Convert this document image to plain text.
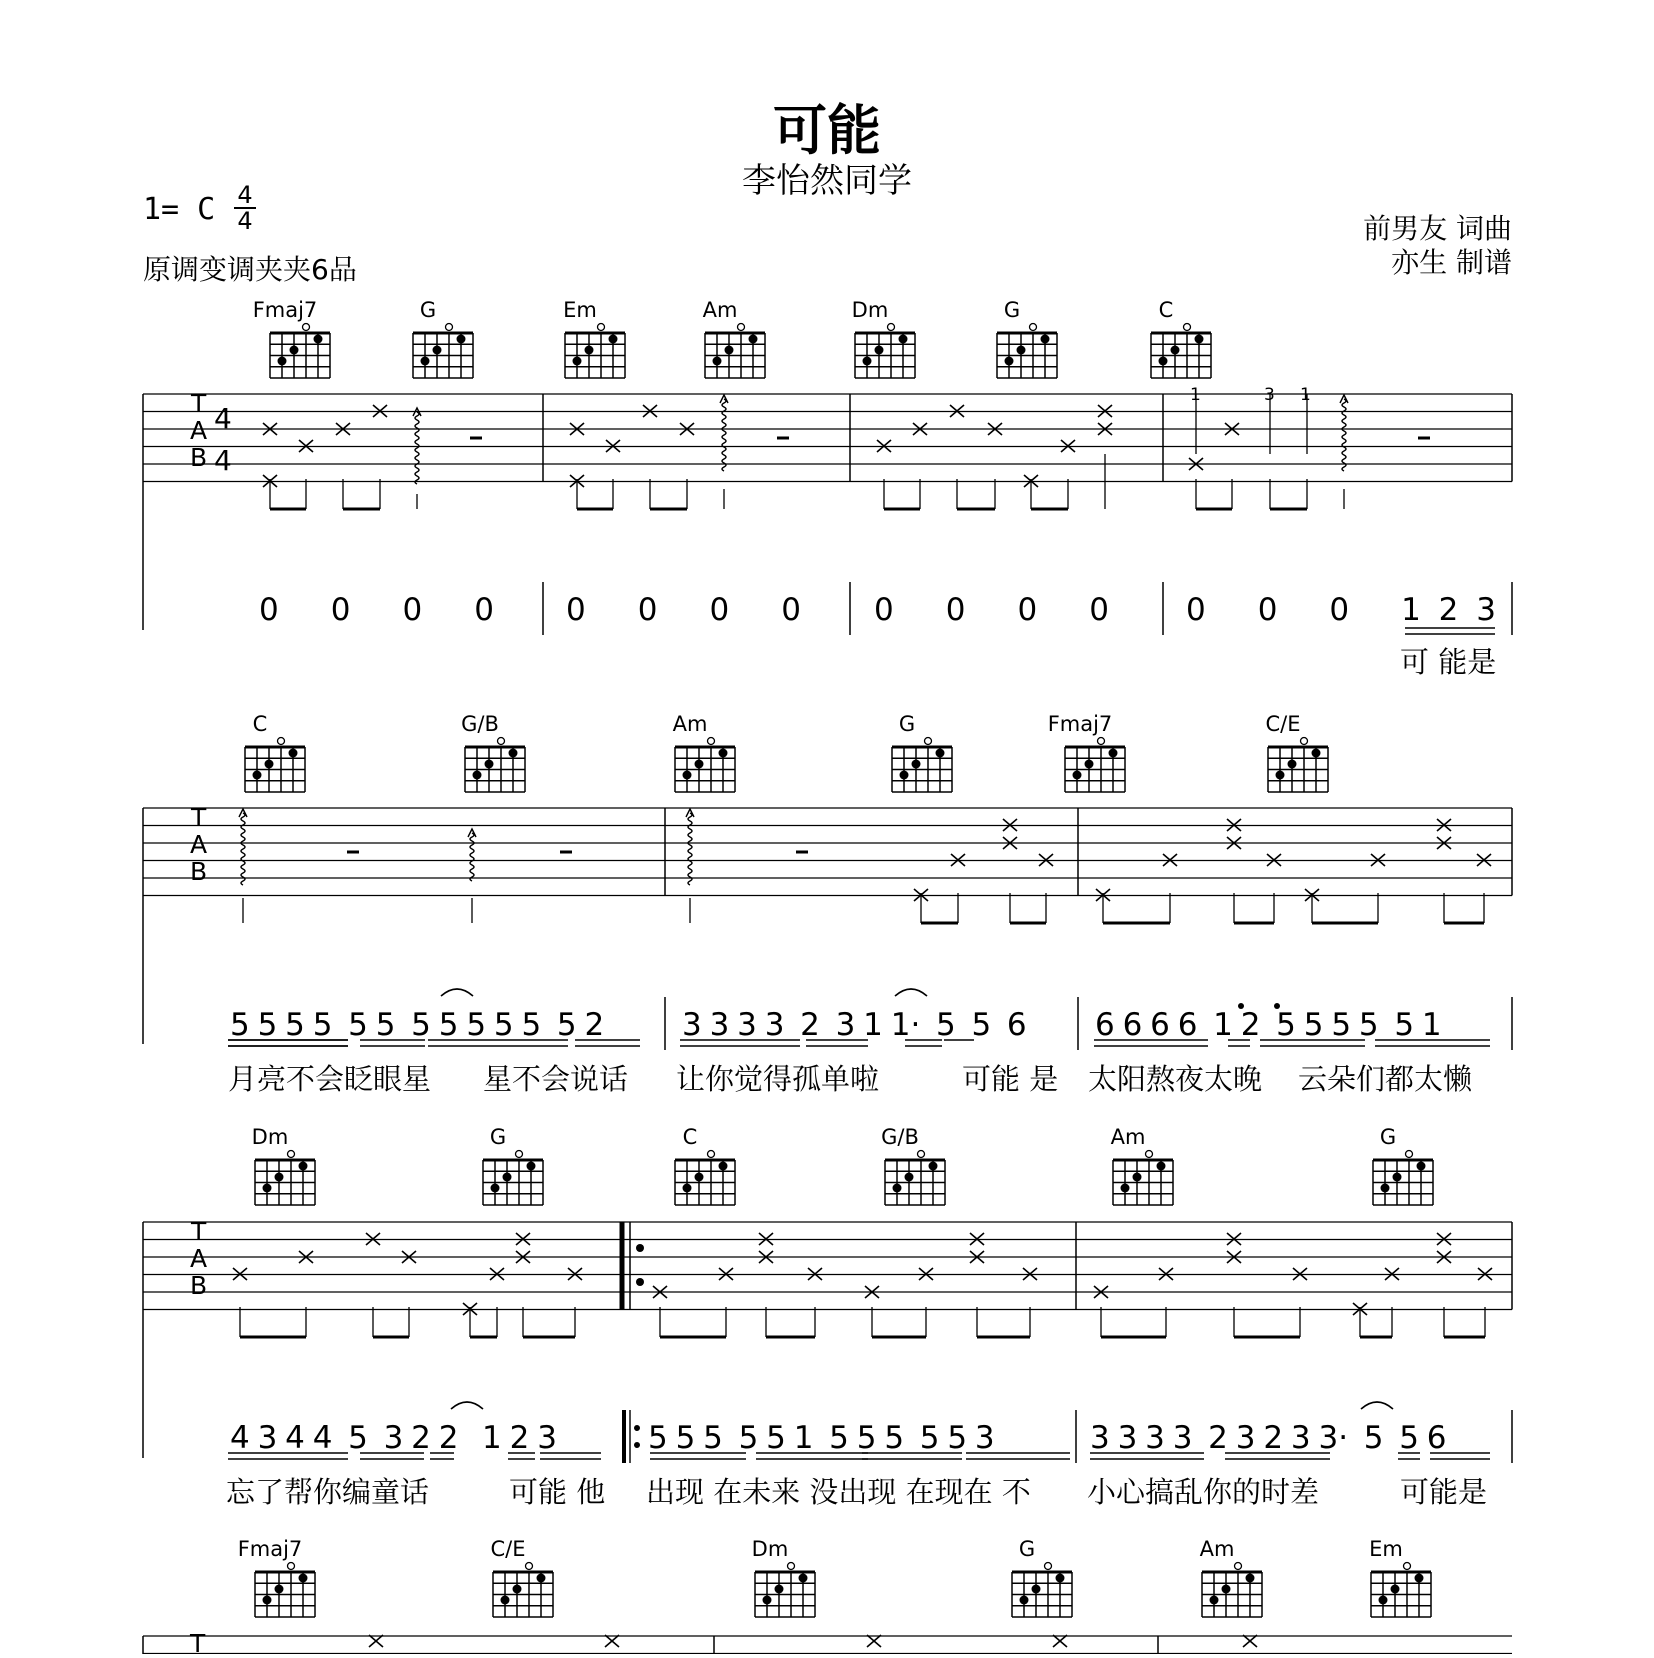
可能
李怡然同学
1= C 4
4
原调变调夹夹6品
前男友 词曲
亦生 制谱
Fmaj7	G	Em	Am	Dm	G	C
C	G/B	Am	G	Fmaj7	C/E
Dm	G	C	G/B	Am	G
Fmaj7	C/E	Dm	G	Am	Em
T
A
B
4
4
1	3 1
0 0 0 0 0 0 0 0 0 0 0 0 0 0 0 1 2 3
可 能是
T
A
B
5 5 5 5  5 5  5 5 5 5 5  5 2	3 3 3 3  2  3 1 1·  5  5  6 6 6 6 6  1 2  5 5 5 5  5 1
月亮不会眨眼星 星不会说话 让你觉得孤单啦	可能 是 太阳熬夜太晚 云朵们都太懒
T
A
B
4 3 4 4  5  3 2 2   1 2 3	5 5 5  5 5 1  5 5 5  5 5 3	3 3 3 3  2 3 2 3 3·  5  5 6
忘了帮你编童话	可能 他 出现 在未来 没出现 在现在 不 小心搞乱你的时差	可能是
T
